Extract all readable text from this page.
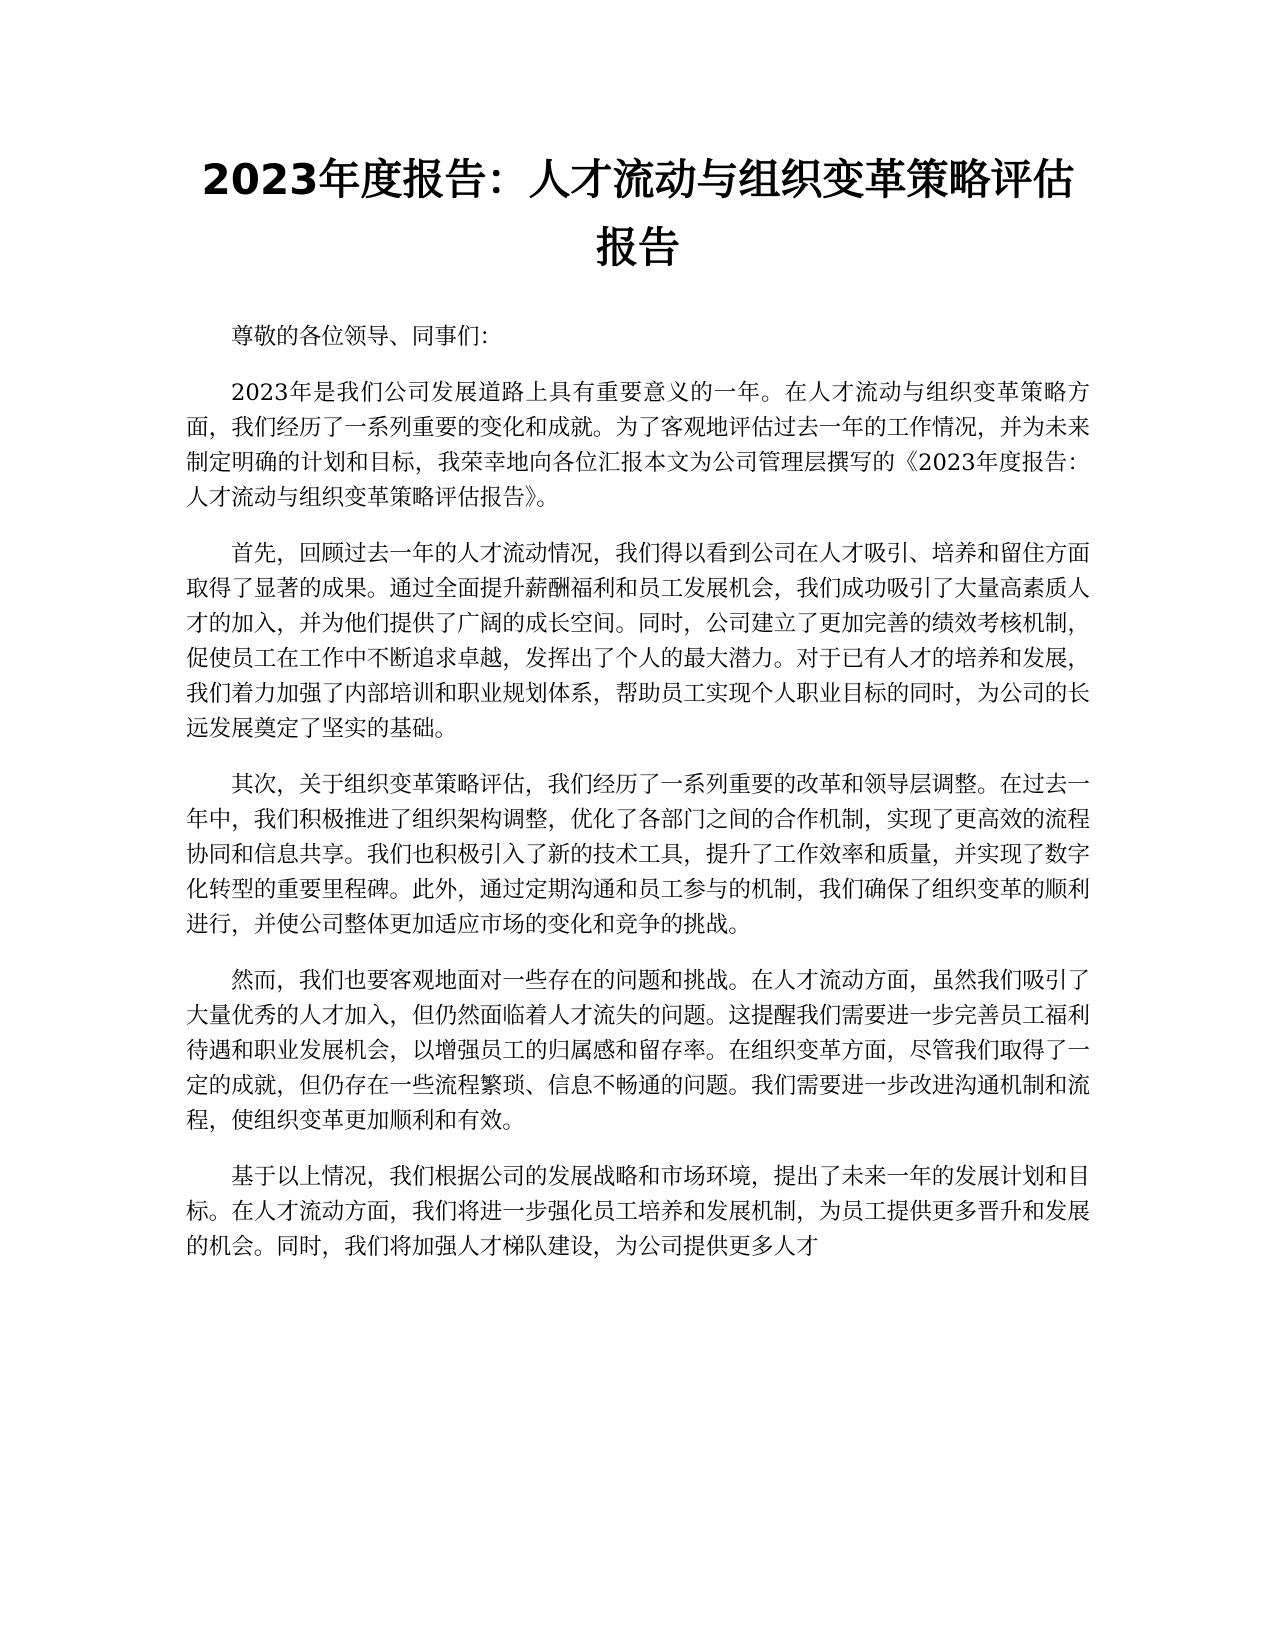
2023年度报告：人才流动与组织变革策略评估报告

尊敬的各位领导、同事们：

2023年是我们公司发展道路上具有重要意义的一年。在人才流动与组织变革策略方面，我们经历了一系列重要的变化和成就。为了客观地评估过去一年的工作情况，并为未来制定明确的计划和目标，我荣幸地向各位汇报本文为公司管理层撰写的《2023年度报告：人才流动与组织变革策略评估报告》。

首先，回顾过去一年的人才流动情况，我们得以看到公司在人才吸引、培养和留住方面取得了显著的成果。通过全面提升薪酬福利和员工发展机会，我们成功吸引了大量高素质人才的加入，并为他们提供了广阔的成长空间。同时，公司建立了更加完善的绩效考核机制，促使员工在工作中不断追求卓越，发挥出了个人的最大潜力。对于已有人才的培养和发展，我们着力加强了内部培训和职业规划体系，帮助员工实现个人职业目标的同时，为公司的长远发展奠定了坚实的基础。

其次，关于组织变革策略评估，我们经历了一系列重要的改革和领导层调整。在过去一年中，我们积极推进了组织架构调整，优化了各部门之间的合作机制，实现了更高效的流程协同和信息共享。我们也积极引入了新的技术工具，提升了工作效率和质量，并实现了数字化转型的重要里程碑。此外，通过定期沟通和员工参与的机制，我们确保了组织变革的顺利进行，并使公司整体更加适应市场的变化和竞争的挑战。

然而，我们也要客观地面对一些存在的问题和挑战。在人才流动方面，虽然我们吸引了大量优秀的人才加入，但仍然面临着人才流失的问题。这提醒我们需要进一步完善员工福利待遇和职业发展机会，以增强员工的归属感和留存率。在组织变革方面，尽管我们取得了一定的成就，但仍存在一些流程繁琐、信息不畅通的问题。我们需要进一步改进沟通机制和流程，使组织变革更加顺利和有效。

基于以上情况，我们根据公司的发展战略和市场环境，提出了未来一年的发展计划和目标。在人才流动方面，我们将进一步强化员工培养和发展机制，为员工提供更多晋升和发展的机会。同时，我们将加强人才梯队建设，为公司提供更多人才
